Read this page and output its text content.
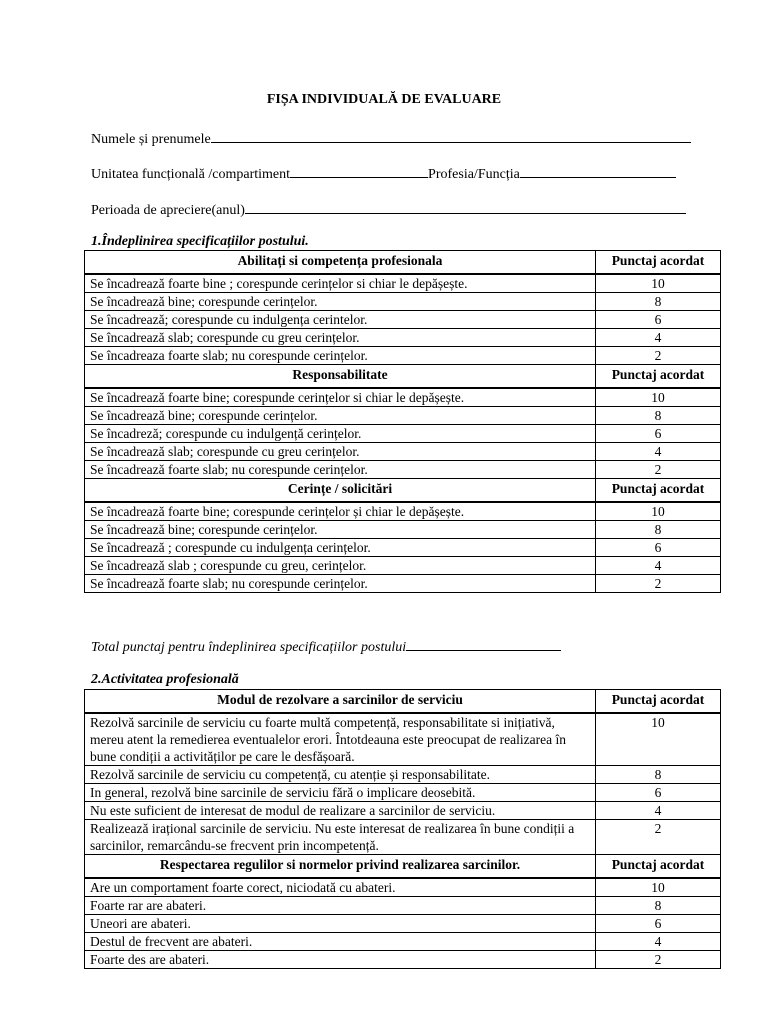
FIȘA INDIVIDUALĂ DE EVALUARE
Numele și prenumele
Unitatea funcțională /compartiment	Profesia/Funcția
Perioada de apreciere(anul)
1.Îndeplinirea specificațiilor postului.
Abilitați si competența profesionala	Punctaj acordat
Se încadrează foarte bine ; corespunde cerințelor si chiar le depășește.	10
Se încadrează bine; corespunde cerințelor.	8
Se încadrează; corespunde cu indulgența cerintelor.	6
Se încadrează slab; corespunde cu greu cerințelor.	4
Se încadreaza foarte slab; nu corespunde cerințelor.	2
Responsabilitate	Punctaj acordat
Se încadrează foarte bine; corespunde cerințelor si chiar le depășește.	10
Se încadrează bine; corespunde cerințelor.	8
Se încadreză; corespunde cu indulgență cerințelor.	6
Se încadrează slab; corespunde cu greu cerințelor.	4
Se încadrează foarte slab; nu corespunde cerințelor.	2
Cerințe / solicitări	Punctaj acordat
Se încadrează foarte bine; corespunde cerințelor și chiar le depășește.	10
Se încadrează bine; corespunde cerințelor.	8
Se încadrează ; corespunde cu indulgența cerințelor.	6
Se încadrează slab ; corespunde cu greu, cerințelor.	4
Se încadrează foarte slab; nu corespunde cerințelor.	2
Total punctaj pentru îndeplinirea specificațiilor postului
2.Activitatea profesională
Modul de rezolvare a sarcinilor de serviciu	Punctaj acordat
Rezolvă sarcinile de serviciu cu foarte multă competență, responsabilitate si inițiativă, mereu atent la remedierea eventualelor erori. Întotdeauna este preocupat de realizarea în bune condiții a activităților pe care le desfășoară.	10
Rezolvă sarcinile de serviciu cu competență, cu atenție și responsabilitate.	8
In general, rezolvă bine sarcinile de serviciu fără o implicare deosebită.	6
Nu este suficient de interesat de modul de realizare a sarcinilor de serviciu.	4
Realizează irațional sarcinile de serviciu. Nu este interesat de realizarea în bune condiții a sarcinilor, remarcându-se frecvent prin incompetență.	2
Respectarea regulilor si normelor privind realizarea sarcinilor.	Punctaj acordat
Are un comportament foarte corect, niciodată cu abateri.	10
Foarte rar are abateri.	8
Uneori are abateri.	6
Destul de frecvent are abateri.	4
Foarte des are abateri.	2
